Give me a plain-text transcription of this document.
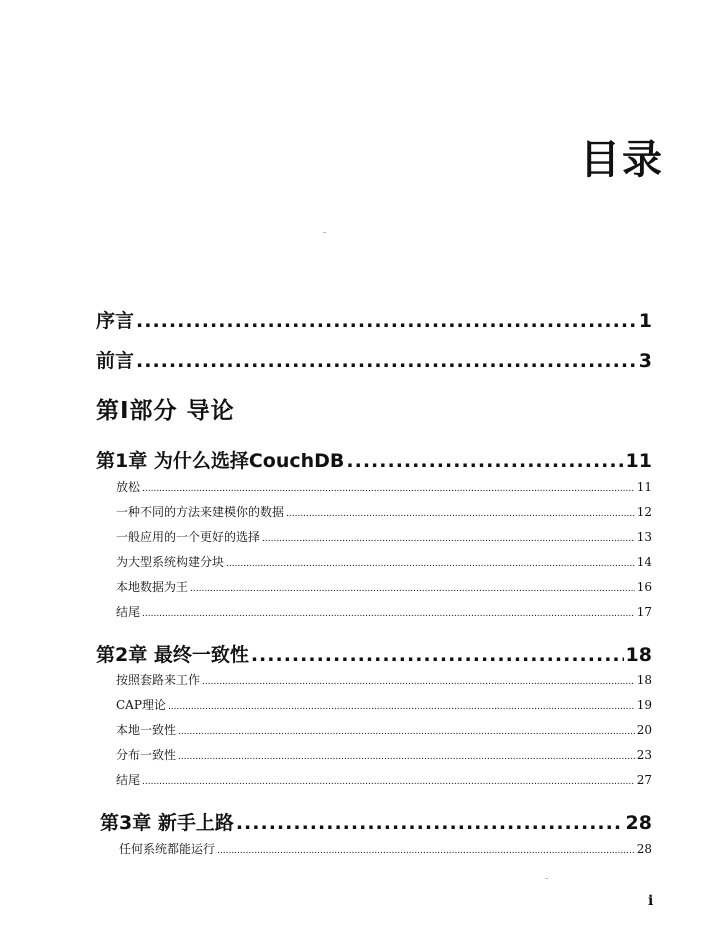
目录
序言 .....	1
前言 .....	3
第I部分 导论
第1章 为什么选择CouchDB .....	11
放松 .....	11
一种不同的方法来建模你的数据 .....	12
一般应用的一个更好的选择 .....	13
为大型系统构建分块 .....	14
本地数据为王 .....	16
结尾 .....	17
第2章 最终一致性 .....	18
按照套路来工作 .....	18
CAP理论 .....	19
本地一致性 .....	20
分布一致性 .....	23
结尾 .....	27
第3章 新手上路 .....	28
任何系统都能运行 .....	28
i
